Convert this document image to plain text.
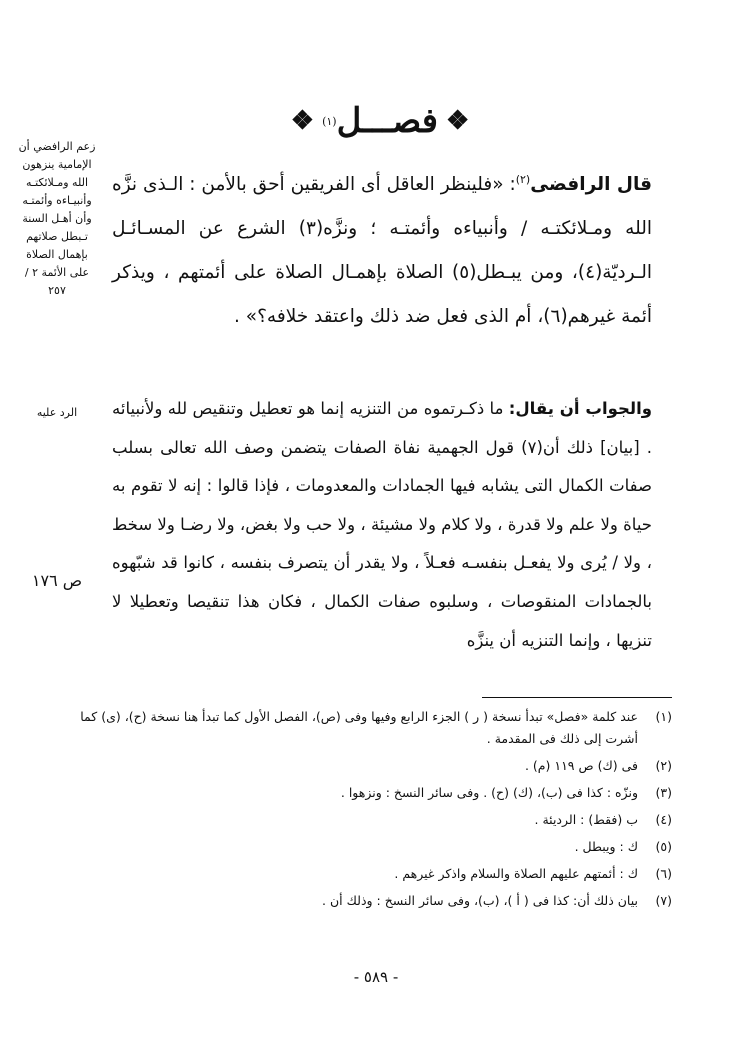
❖
فصـــل
(١)
❖
زعم الرافضي أن الإمامية ينزهون الله ومـلائكتـه وأنبيـاءه وأئمتـه وأن أهـل السنة تـبطل صلاتهم بإهمال الصلاة على الأئمة ٢ /٢٥٧
الرد عليه
ص ١٧٦
قال الرافضى$^{(٢)}$: «فلينظر العاقل أى الفريقين أحق بالأمن : الـذى نزَّه الله ومـلائكتـه / وأنبياءه وأئمتـه ؛ ونزَّه(٣) الشرع عن المسـائـل الـرديّة(٤)، ومن يبـطل(٥) الصلاة بإهمـال الصلاة على أئمتهم ، ويذكر أئمة غيرهم(٦)، أم الذى فعل ضد ذلك واعتقد خلافه؟» .
والجواب أن يقال: ما ذكـرتموه من التنزيه إنما هو تعطيل وتنقيص لله ولأنبيائه . [بيان] ذلك أن(٧) قول الجهمية نفاة الصفات يتضمن وصف الله تعالى بسلب صفات الكمال التى يشابه فيها الجمادات والمعدومات ، فإذا قالوا : إنه لا تقوم به حياة ولا علم ولا قدرة ، ولا كلام ولا مشيئة ، ولا حب ولا بغض، ولا رضـا ولا سخط ، ولا / يُرى ولا يفعـل بنفسـه فعـلاً ، ولا يقدر أن يتصرف بنفسه ، كانوا قد شبّهوه بالجمادات المنقوصات ، وسلبوه صفات الكمال ، فكان هذا تنقيصا وتعطيلا لا تنزيها ، وإنما التنزيه أن ينزَّه
(١)
عند كلمة «فصل» تبدأ نسخة ( ر ) الجزء الرابع وفيها وفى (ص)، الفصل الأول كما تبدأ هنا نسخة (ح)، (ى) كما أشرت إلى ذلك فى المقدمة .
(٢)
فى (ك) ص ١١٩ (م) .
(٣)
ونزّه : كذا فى (ب)، (ك) (ح) . وفى سائر النسخ : ونزهوا .
(٤)
ب (فقط) : الرديئة .
(٥)
ك : ويبطل .
(٦)
ك : أئمتهم عليهم الصلاة والسلام واذكر غيرهم .
(٧)
بيان ذلك أن: كذا فى ( أ )، (ب)، وفى سائر النسخ : وذلك أن .
- ٥٨٩ -
